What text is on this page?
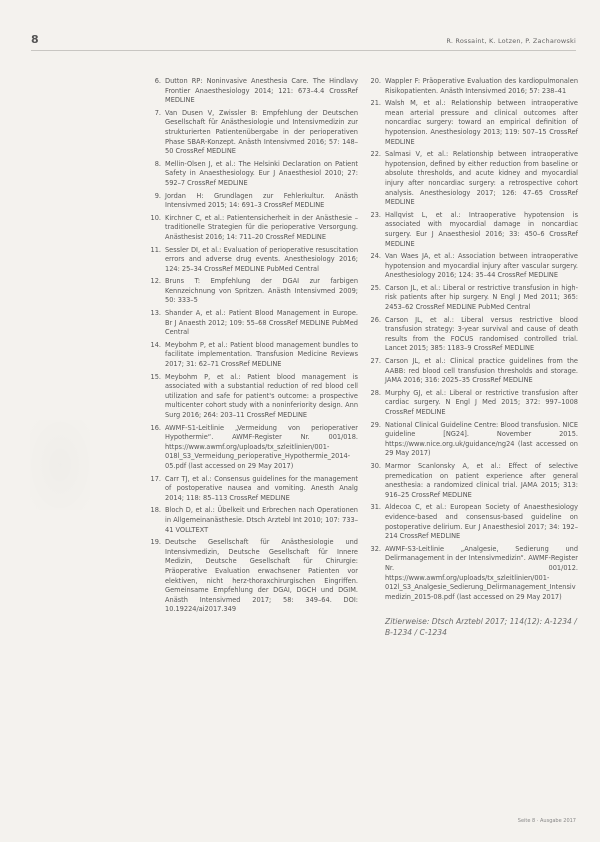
8	R. Rossaint, K. Lotzen, P. Zacharowski
6. Dutton RP: Noninvasive Anesthesia Care. The Hindlavy Frontier Anaesthesiology 2014; 121: 673–4.4 CrossRef MEDLINE
7. Van Dusen V, Zwissler B: Empfehlung der Deutschen Gesellschaft für Anästhesiologie und Intensivmedizin zur strukturierten Patientenübergabe in der perioperativen Phase SBAR-Konzept. Anästh Intensivmed 2016; 57: 148–50 CrossRef MEDLINE
8. Mellin-Olsen J, et al.: The Helsinki Declaration on Patient Safety in Anaesthesiology. Eur J Anaesthesiol 2010; 27: 592–7 CrossRef MEDLINE
9. Jordan H: Grundlagen zur Fehlerkultur. Anästh Intensivmed 2015; 14: 691–3 CrossRef MEDLINE
10. Kirchner C, et al.: Patientensicherheit in der Anästhesie – traditionelle Strategien für die perioperative Versorgung. Anästhesist 2016; 14: 711–20 CrossRef MEDLINE
11. Sessler DI, et al.: Evaluation of perioperative resuscitation errors and adverse drug events. Anesthesiology 2016; 124: 25–34 CrossRef MEDLINE PubMed Central
12. Bruns T: Empfehlung der DGAI zur farbigen Kennzeichnung von Spritzen. Anästh Intensivmed 2009; 50: 333–5
13. Shander A, et al.: Patient Blood Management in Europe. Br J Anaesth 2012; 109: 55–68 CrossRef MEDLINE PubMed Central
14. Meybohm P, et al.: Patient blood management bundles to facilitate implementation. Transfusion Medicine Reviews 2017; 31: 62–71 CrossRef MEDLINE
15. Meybohm P, et al.: Patient blood management is associated with a substantial reduction of red blood cell utilization and safe for patient's outcome: a prospective multicenter cohort study with a noninferiority design. Ann Surg 2016; 264: 203–11 CrossRef MEDLINE
16. AWMF-S1-Leitlinie „Vermeidung von perioperativer Hypothermie“. AWMF-Register Nr. 001/018. https://www.awmf.org/uploads/tx_szleitlinien/001-018l_S3_Vermeidung_perioperative_Hypothermie_2014-05.pdf (last accessed on 29 May 2017)
17. Carr TJ, et al.: Consensus guidelines for the management of postoperative nausea and vomiting. Anesth Analg 2014; 118: 85–113 CrossRef MEDLINE
18. Bloch D, et al.: Übelkeit und Erbrechen nach Operationen in Allgemeinanästhesie. Dtsch Arztebl Int 2010; 107: 733–41 VOLLTEXT
19. Deutsche Gesellschaft für Anästhesiologie und Intensivmedizin, Deutsche Gesellschaft für Innere Medizin, Deutsche Gesellschaft für Chirurgie: Präoperative Evaluation erwachsener Patienten vor elektiven, nicht herz-thoraxchirurgischen Eingriffen. Gemeinsame Empfehlung der DGAI, DGCH und DGIM. Anästh Intensivmed 2017; 58: 349–64. DOI: 10.19224/ai2017.349
20. Wappler F: Präoperative Evaluation des kardiopulmonalen Risikopatienten. Anästh Intensivmed 2016; 57: 238–41
21. Walsh M, et al.: Relationship between intraoperative mean arterial pressure and clinical outcomes after noncardiac surgery: toward an empirical definition of hypotension. Anesthesiology 2013; 119: 507–15 CrossRef MEDLINE
22. Salmasi V, et al.: Relationship between intraoperative hypotension, defined by either reduction from baseline or absolute thresholds, and acute kidney and myocardial injury after noncardiac surgery: a retrospective cohort analysis. Anesthesiology 2017; 126: 47–65 CrossRef MEDLINE
23. Hallqvist L, et al.: Intraoperative hypotension is associated with myocardial damage in noncardiac surgery. Eur J Anaesthesiol 2016; 33: 450–6 CrossRef MEDLINE
24. Van Waes JA, et al.: Association between intraoperative hypotension and myocardial injury after vascular surgery. Anesthesiology 2016; 124: 35–44 CrossRef MEDLINE
25. Carson JL, et al.: Liberal or restrictive transfusion in high-risk patients after hip surgery. N Engl J Med 2011; 365: 2453–62 CrossRef MEDLINE PubMed Central
26. Carson JL, et al.: Liberal versus restrictive blood transfusion strategy: 3-year survival and cause of death results from the FOCUS randomised controlled trial. Lancet 2015; 385: 1183–9 CrossRef MEDLINE
27. Carson JL, et al.: Clinical practice guidelines from the AABB: red blood cell transfusion thresholds and storage. JAMA 2016; 316: 2025–35 CrossRef MEDLINE
28. Murphy GJ, et al.: Liberal or restrictive transfusion after cardiac surgery. N Engl J Med 2015; 372: 997–1008 CrossRef MEDLINE
29. National Clinical Guideline Centre: Blood transfusion. NICE guideline [NG24]. November 2015. https://www.nice.org.uk/guidance/ng24 (last accessed on 29 May 2017)
30. Marmor Scanlonsky A, et al.: Effect of selective premedication on patient experience after general anesthesia: a randomized clinical trial. JAMA 2015; 313: 916–25 CrossRef MEDLINE
31. Aldecoa C, et al.: European Society of Anaesthesiology evidence-based and consensus-based guideline on postoperative delirium. Eur J Anaesthesiol 2017; 34: 192–214 CrossRef MEDLINE
32. AWMF-S3-Leitlinie „Analgesie, Sedierung und Delirmanagement in der Intensivmedizin“. AWMF-Register Nr. 001/012. https://www.awmf.org/uploads/tx_szleitlinien/001-012l_S3_Analgesie_Sedierung_Delirmanagement_Intensivmedizin_2015-08.pdf (last accessed on 29 May 2017)
Zitierweise: Dtsch Arztebl 2017; 114(12): A-1234 / B-1234 / C-1234
Seite 8 · Ausgabe 2017
